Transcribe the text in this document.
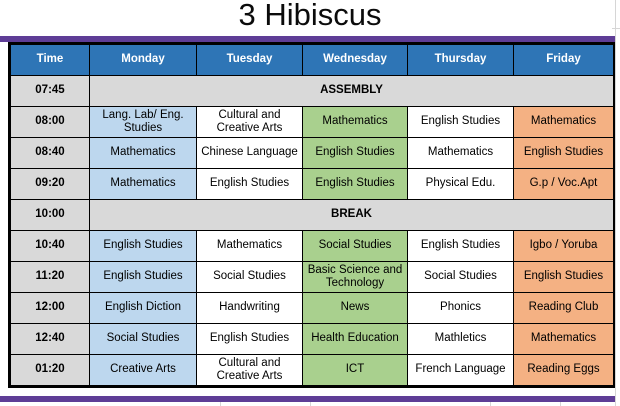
3 Hibiscus
Time	Monday	Tuesday	Wednesday	Thursday	Friday
07:45	ASSEMBLY				
08:00	Lang. Lab/ Eng. Studies	Cultural and Creative Arts	Mathematics	English Studies	Mathematics
08:40	Mathematics	Chinese Language	English Studies	Mathematics	English Studies
09:20	Mathematics	English Studies	English Studies	Physical Edu.	G.p / Voc.Apt
10:00	BREAK				
10:40	English Studies	Mathematics	Social Studies	English Studies	Igbo / Yoruba
11:20	English Studies	Social Studies	Basic Science and Technology	Social Studies	English Studies
12:00	English Diction	Handwriting	News	Phonics	Reading Club
12:40	Social Studies	English Studies	Health Education	Mathletics	Mathematics
01:20	Creative Arts	Cultural and Creative Arts	ICT	French Language	Reading Eggs
